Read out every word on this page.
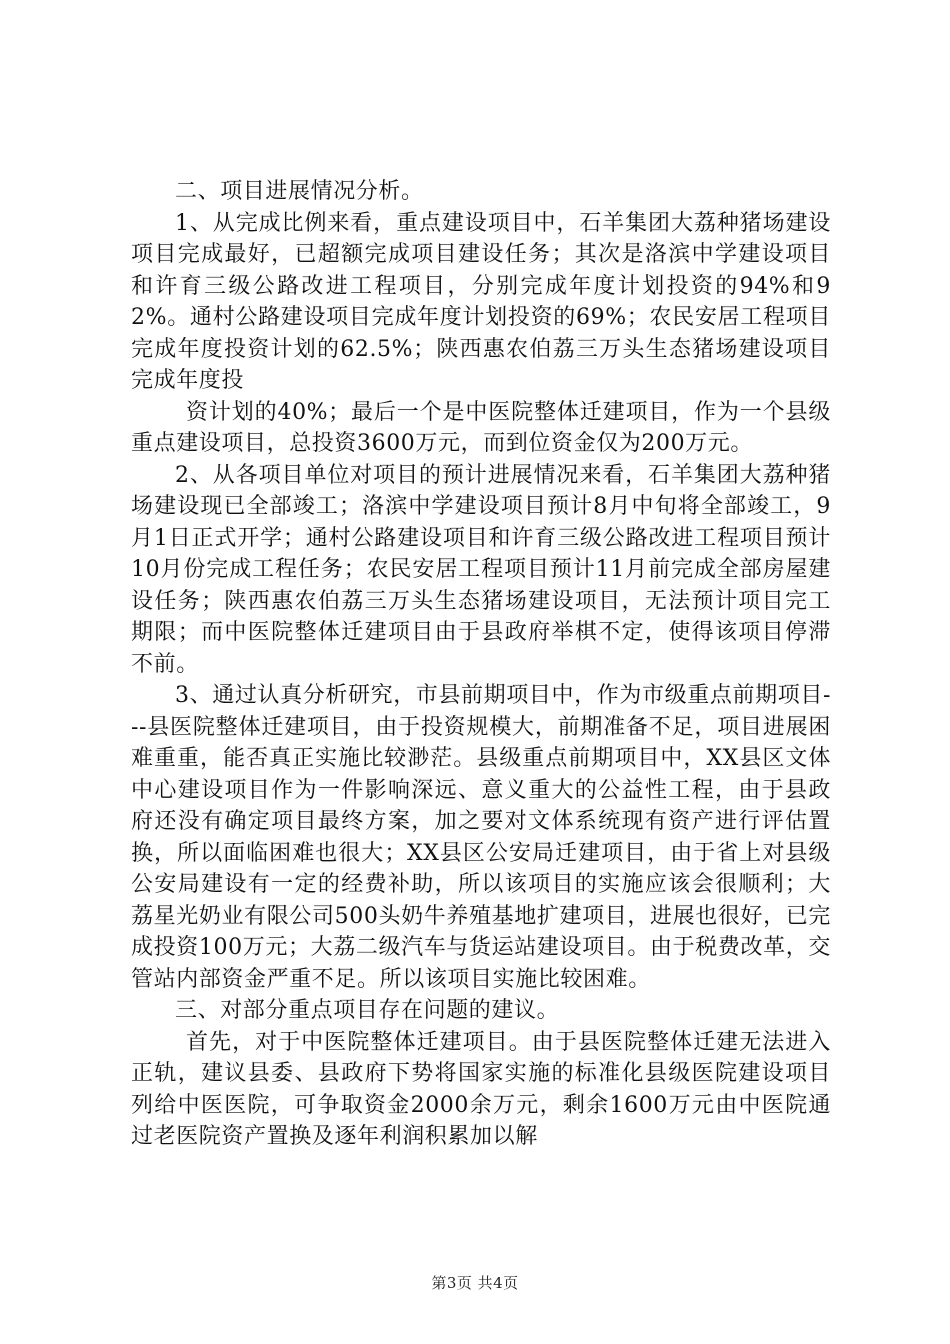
二、项目进展情况分析。

1、从完成比例来看，重点建设项目中，石羊集团大荔种猪场建设项目完成最好，已超额完成项目建设任务；其次是洛滨中学建设项目和许育三级公路改进工程项目，分别完成年度计划投资的94%和92%。通村公路建设项目完成年度计划投资的69%；农民安居工程项目完成年度投资计划的62.5%；陕西惠农伯荔三万头生态猪场建设项目完成年度投

资计划的40%；最后一个是中医院整体迁建项目，作为一个县级重点建设项目，总投资3600万元，而到位资金仅为200万元。

2、从各项目单位对项目的预计进展情况来看，石羊集团大荔种猪场建设现已全部竣工；洛滨中学建设项目预计8月中旬将全部竣工，9月1日正式开学；通村公路建设项目和许育三级公路改进工程项目预计10月份完成工程任务；农民安居工程项目预计11月前完成全部房屋建设任务；陕西惠农伯荔三万头生态猪场建设项目，无法预计项目完工期限；而中医院整体迁建项目由于县政府举棋不定，使得该项目停滞不前。

3、通过认真分析研究，市县前期项目中，作为市级重点前期项目---县医院整体迁建项目，由于投资规模大，前期准备不足，项目进展困难重重，能否真正实施比较渺茫。县级重点前期项目中，XX县区文体中心建设项目作为一件影响深远、意义重大的公益性工程，由于县政府还没有确定项目最终方案，加之要对文体系统现有资产进行评估置换，所以面临困难也很大；XX县区公安局迁建项目，由于省上对县级公安局建设有一定的经费补助，所以该项目的实施应该会很顺利；大荔星光奶业有限公司500头奶牛养殖基地扩建项目，进展也很好，已完成投资100万元；大荔二级汽车与货运站建设项目。由于税费改革，交管站内部资金严重不足。所以该项目实施比较困难。

三、对部分重点项目存在问题的建议。

首先，对于中医院整体迁建项目。由于县医院整体迁建无法进入正轨，建议县委、县政府下势将国家实施的标准化县级医院建设项目列给中医医院，可争取资金2000余万元，剩余1600万元由中医院通过老医院资产置换及逐年利润积累加以解

第3页 共4页
